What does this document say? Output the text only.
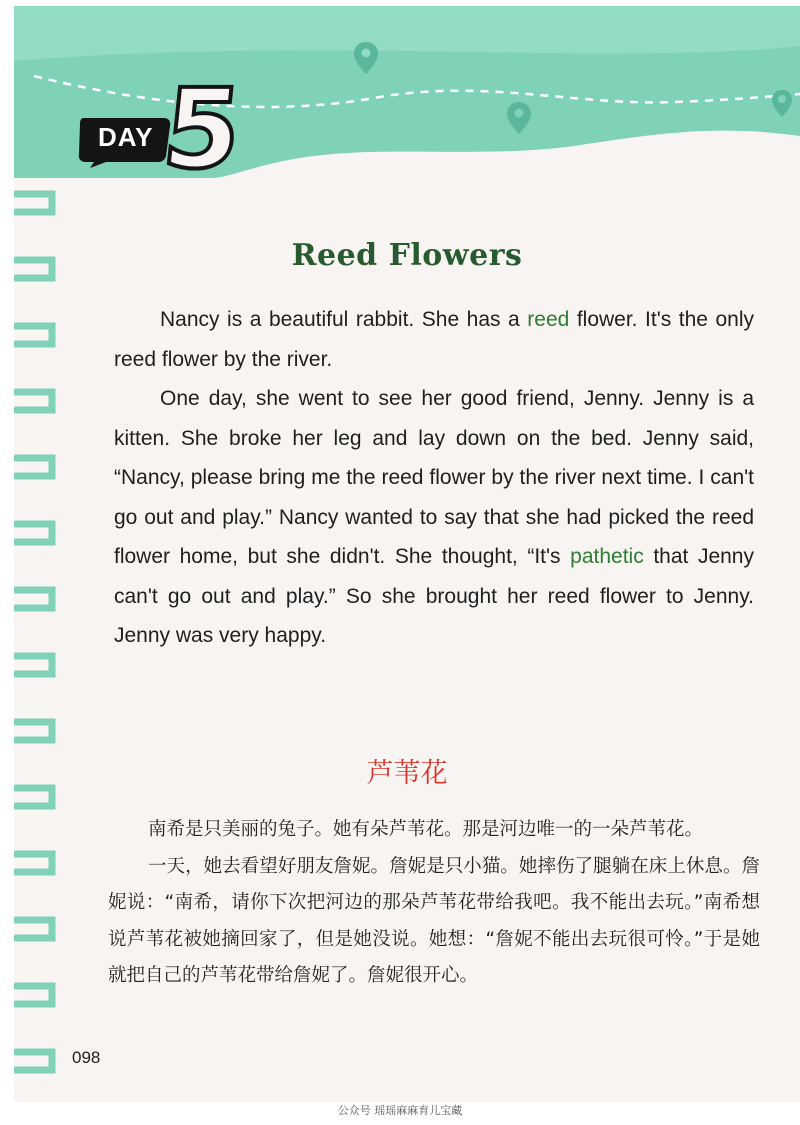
DAY 5
Reed Flowers

Nancy is a beautiful rabbit. She has a reed flower. It's the only reed flower by the river.

One day, she went to see her good friend, Jenny. Jenny is a kitten. She broke her leg and lay down on the bed. Jenny said, “Nancy, please bring me the reed flower by the river next time. I can't go out and play.” Nancy wanted to say that she had picked the reed flower home, but she didn't. She thought, “It's pathetic that Jenny can't go out and play.” So she brought her reed flower to Jenny. Jenny was very happy.

芦苇花

南希是只美丽的兔子。她有朵芦苇花。那是河边唯一的一朵芦苇花。

一天，她去看望好朋友詹妮。詹妮是只小猫。她摔伤了腿躺在床上休息。詹妮说：“南希，请你下次把河边的那朵芦苇花带给我吧。我不能出去玩。”南希想说芦苇花被她摘回家了，但是她没说。她想：“詹妮不能出去玩很可怜。”于是她就把自己的芦苇花带给詹妮了。詹妮很开心。

098
公众号 瑶瑶麻麻育儿宝藏
